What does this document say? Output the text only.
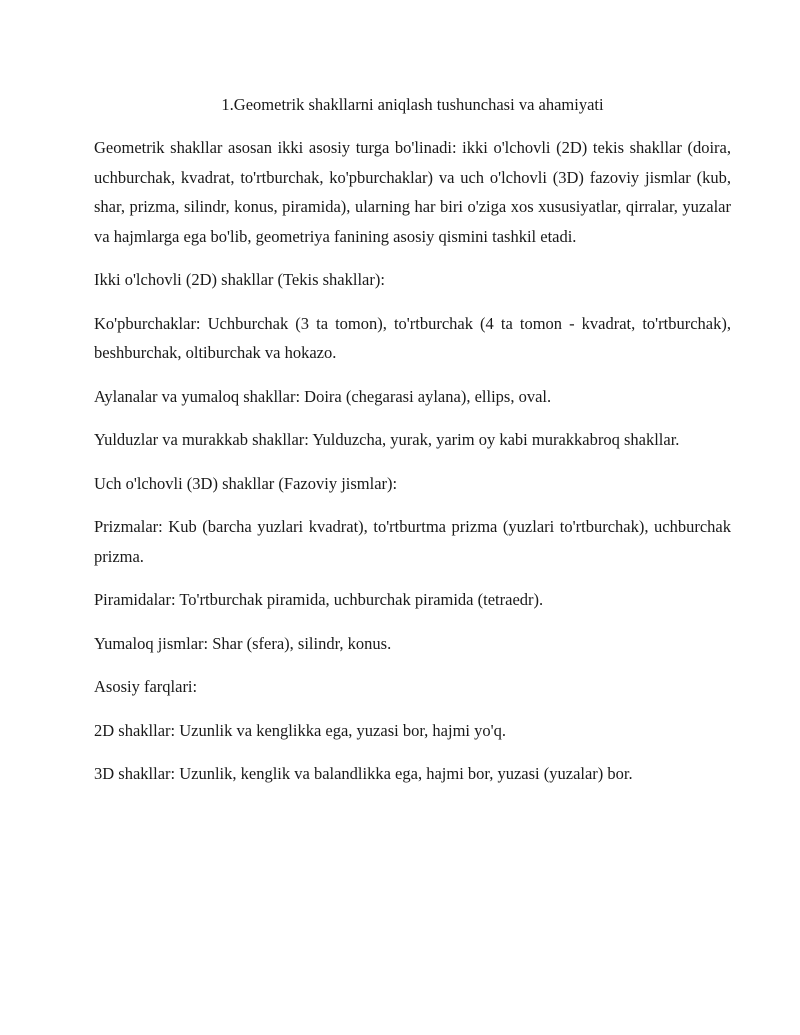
1.Geometrik shakllarni aniqlash tushunchasi va ahamiyati

Geometrik shakllar asosan ikki asosiy turga bo'linadi: ikki o'lchovli (2D) tekis shakllar (doira, uchburchak, kvadrat, to'rtburchak, ko'pburchaklar) va uch o'lchovli (3D) fazoviy jismlar (kub, shar, prizma, silindr, konus, piramida), ularning har biri o'ziga xos xususiyatlar, qirralar, yuzalar va hajmlarga ega bo'lib, geometriya fanining asosiy qismini tashkil etadi.

Ikki o'lchovli (2D) shakllar (Tekis shakllar):

Ko'pburchaklar: Uchburchak (3 ta tomon), to'rtburchak (4 ta tomon - kvadrat, to'rtburchak), beshburchak, oltiburchak va hokazo.

Aylanalar va yumaloq shakllar: Doira (chegarasi aylana), ellips, oval.

Yulduzlar va murakkab shakllar: Yulduzcha, yurak, yarim oy kabi murakkabroq shakllar.

Uch o'lchovli (3D) shakllar (Fazoviy jismlar):

Prizmalar: Kub (barcha yuzlari kvadrat), to'rtburtma prizma (yuzlari to'rtburchak), uchburchak prizma.

Piramidalar: To'rtburchak piramida, uchburchak piramida (tetraedr).

Yumaloq jismlar: Shar (sfera), silindr, konus.

Asosiy farqlari:

2D shakllar: Uzunlik va kenglikka ega, yuzasi bor, hajmi yo'q.

3D shakllar: Uzunlik, kenglik va balandlikka ega, hajmi bor, yuzasi (yuzalar) bor.
